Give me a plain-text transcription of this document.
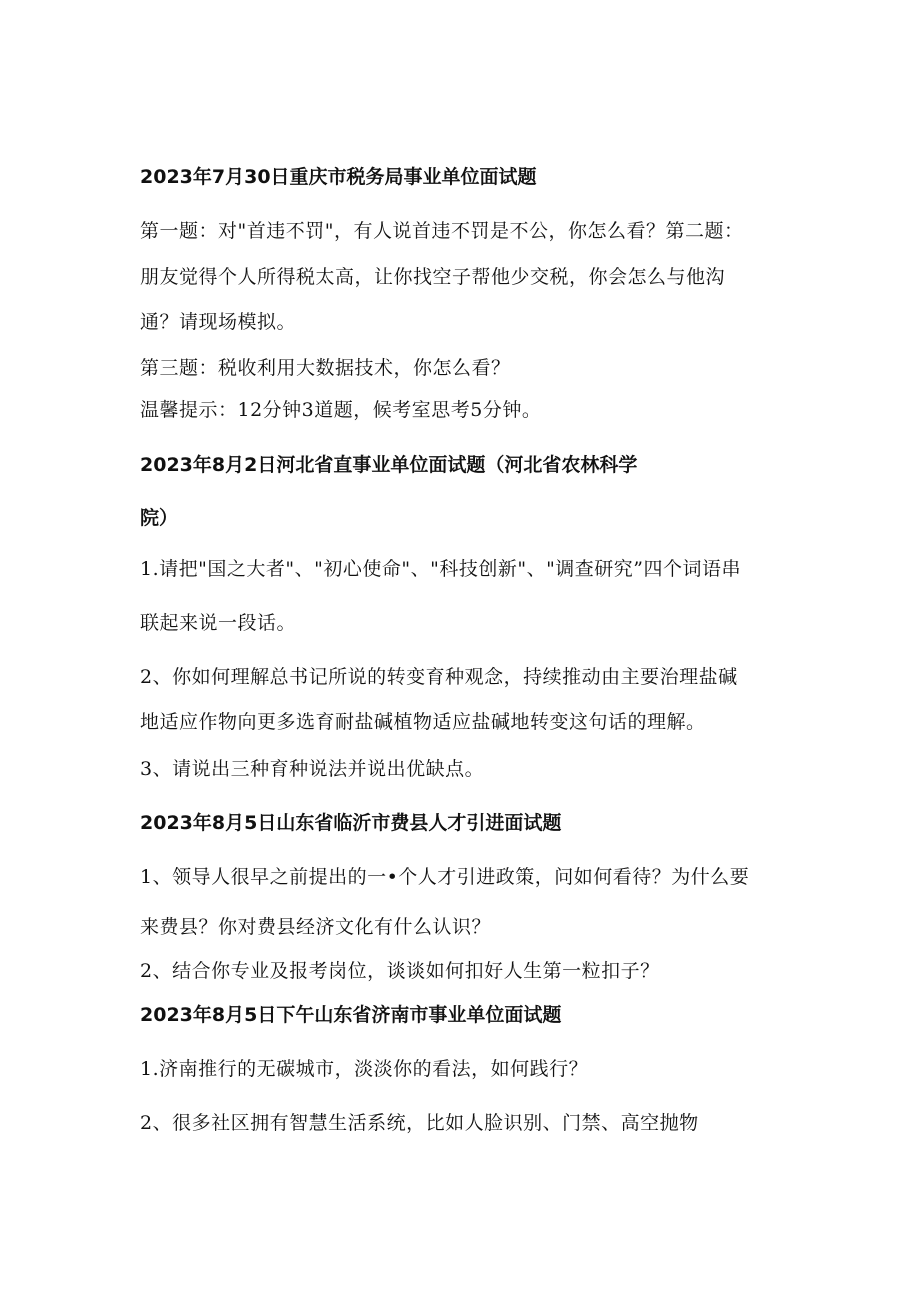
2023年7月30日重庆市税务局事业单位面试题
第一题：对"首违不罚"，有人说首违不罚是不公，你怎么看？第二题：
朋友觉得个人所得税太高，让你找空子帮他少交税，你会怎么与他沟
通？请现场模拟。
第三题：税收利用大数据技术，你怎么看？
温馨提示：12分钟3道题，候考室思考5分钟。
2023年8月2日河北省直事业单位面试题（河北省农林科学
院）
1.请把"国之大者"、"初心使命"、"科技创新"、"调查研究”四个词语串
联起来说一段话。
2、你如何理解总书记所说的转变育种观念，持续推动由主要治理盐碱
地适应作物向更多选育耐盐碱植物适应盐碱地转变这句话的理解。
3、请说出三种育种说法并说出优缺点。
2023年8月5日山东省临沂市费县人才引进面试题
1、领导人很早之前提出的一•个人才引进政策，问如何看待？为什么要
来费县？你对费县经济文化有什么认识？
2、结合你专业及报考岗位，谈谈如何扣好人生第一粒扣子？
2023年8月5日下午山东省济南市事业单位面试题
1.济南推行的无碳城市，淡淡你的看法，如何践行？
2、很多社区拥有智慧生活系统，比如人脸识别、门禁、高空抛物
